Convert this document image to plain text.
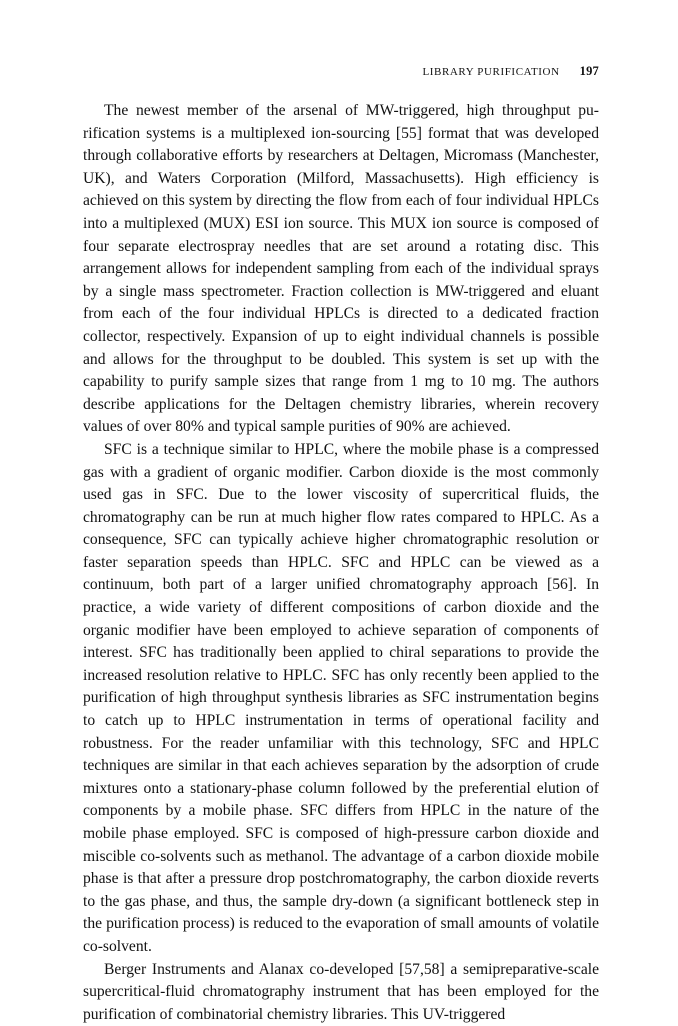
LIBRARY PURIFICATION 197

The newest member of the arsenal of MW-triggered, high throughput purification systems is a multiplexed ion-sourcing [55] format that was developed through collaborative efforts by researchers at Deltagen, Micromass (Manchester, UK), and Waters Corporation (Milford, Massachusetts). High efficiency is achieved on this system by directing the flow from each of four individual HPLCs into a multiplexed (MUX) ESI ion source. This MUX ion source is composed of four separate electrospray needles that are set around a rotating disc. This arrangement allows for independent sampling from each of the individual sprays by a single mass spectrometer. Fraction collection is MW-triggered and eluant from each of the four individual HPLCs is directed to a dedicated fraction collector, respectively. Expansion of up to eight individual channels is possible and allows for the throughput to be doubled. This system is set up with the capability to purify sample sizes that range from 1 mg to 10 mg. The authors describe applications for the Deltagen chemistry libraries, wherein recovery values of over 80% and typical sample purities of 90% are achieved.

SFC is a technique similar to HPLC, where the mobile phase is a compressed gas with a gradient of organic modifier. Carbon dioxide is the most commonly used gas in SFC. Due to the lower viscosity of supercritical fluids, the chromatography can be run at much higher flow rates compared to HPLC. As a consequence, SFC can typically achieve higher chromatographic resolution or faster separation speeds than HPLC. SFC and HPLC can be viewed as a continuum, both part of a larger unified chromatography approach [56]. In practice, a wide variety of different compositions of carbon dioxide and the organic modifier have been employed to achieve separation of components of interest. SFC has traditionally been applied to chiral separations to provide the increased resolution relative to HPLC. SFC has only recently been applied to the purification of high throughput synthesis libraries as SFC instrumentation begins to catch up to HPLC instrumentation in terms of operational facility and robustness. For the reader unfamiliar with this technology, SFC and HPLC techniques are similar in that each achieves separation by the adsorption of crude mixtures onto a stationary-phase column followed by the preferential elution of components by a mobile phase. SFC differs from HPLC in the nature of the mobile phase employed. SFC is composed of high-pressure carbon dioxide and miscible co-solvents such as methanol. The advantage of a carbon dioxide mobile phase is that after a pressure drop postchromatography, the carbon dioxide reverts to the gas phase, and thus, the sample dry-down (a significant bottleneck step in the purification process) is reduced to the evaporation of small amounts of volatile co-solvent.

Berger Instruments and Alanax co-developed [57,58] a semipreparative-scale supercritical-fluid chromatography instrument that has been employed for the purification of combinatorial chemistry libraries. This UV-triggered
